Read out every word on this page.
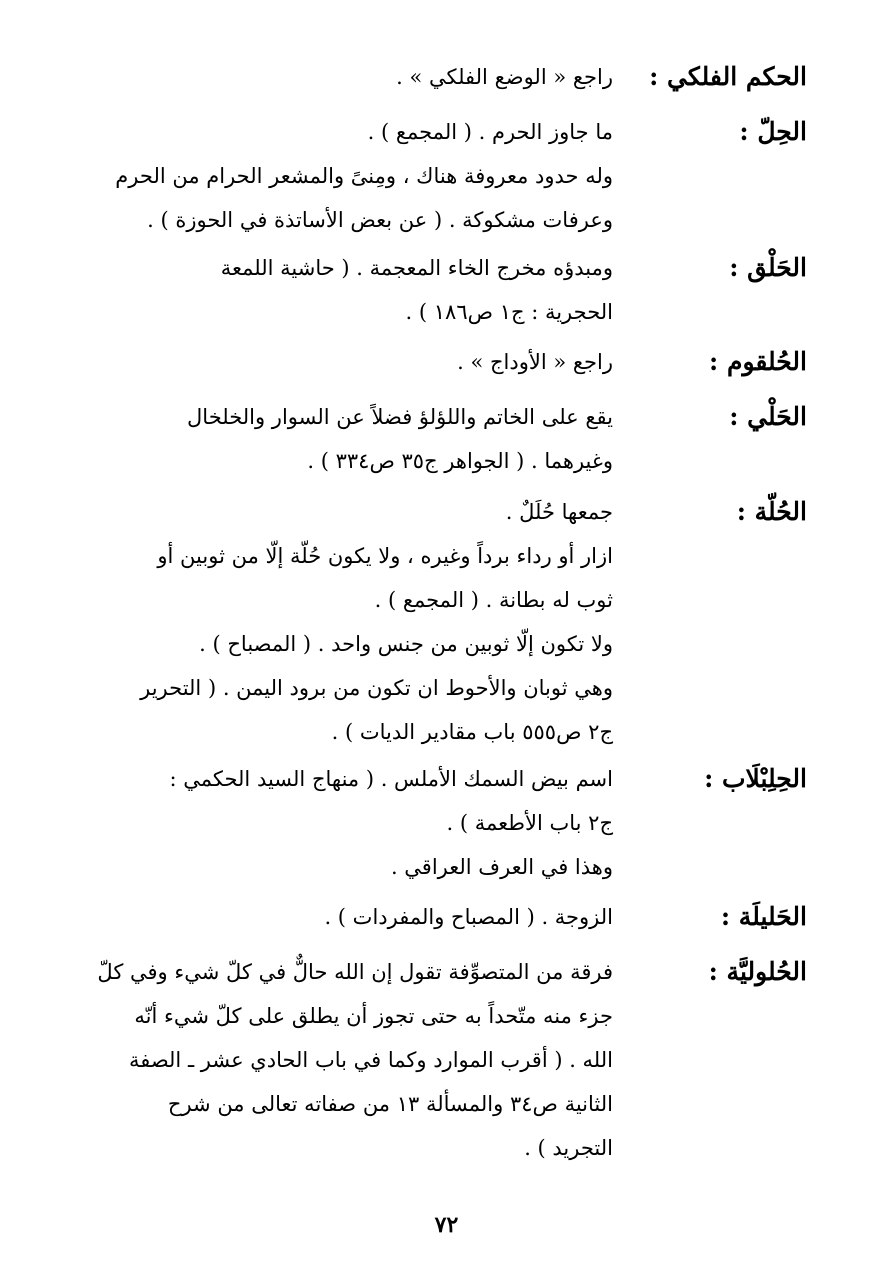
الحكم الفلكي :
راجع « الوضع الفلكي » .
الحِلّ :
ما جاوز الحرم . ( المجمع ) .
وله حدود معروفة هناك ، ومِنىً والمشعر الحرام من الحرم
وعرفات مشكوكة . ( عن بعض الأساتذة في الحوزة ) .
الحَلْق :
ومبدؤه مخرج الخاء المعجمة . ( حاشية اللمعة
الحجرية : ج١ ص١٨٦ ) .
الحُلقوم :
راجع « الأوداج » .
الحَلْي :
يقع على الخاتم واللؤلؤ فضلاً عن السوار والخلخال
وغيرهما . ( الجواهر ج٣٥ ص٣٣٤ ) .
الحُلّة :
جمعها حُلَلٌ .
ازار أو رداء برداً وغيره ، ولا يكون حُلّة إلّا من ثوبين أو
ثوب له بطانة . ( المجمع ) .
ولا تكون إلّا ثوبين من جنس واحد . ( المصباح ) .
وهي ثوبان والأحوط ان تكون من برود اليمن . ( التحرير
ج٢ ص٥٥٥ باب مقادير الديات ) .
الحِلِبْلَاب :
اسم بيض السمك الأملس . ( منهاج السيد الحكمي :
ج٢ باب الأطعمة ) .
وهذا في العرف العراقي .
الحَليلَة :
الزوجة . ( المصباح والمفردات ) .
الحُلوليَّة :
فرقة من المتصوِّفة تقول إن الله حالٌّ في كلّ شيء وفي كلّ
جزء منه متّحداً به حتى تجوز أن يطلق على كلّ شيء أنّه
الله . ( أقرب الموارد وكما في باب الحادي عشر ـ الصفة
الثانية ص٣٤ والمسألة ١٣ من صفاته تعالى من شرح
التجريد ) .
٧٢
